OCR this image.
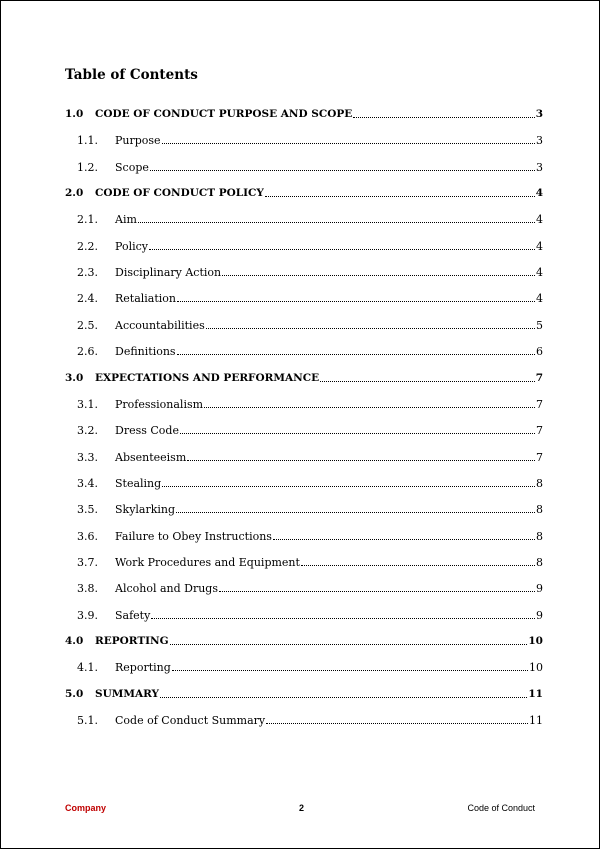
Table of Contents
1.0	CODE OF CONDUCT PURPOSE AND SCOPE	3
1.1.	Purpose	3
1.2.	Scope	3
2.0	CODE OF CONDUCT POLICY	4
2.1.	Aim	4
2.2.	Policy	4
2.3.	Disciplinary Action	4
2.4.	Retaliation	4
2.5.	Accountabilities	5
2.6.	Definitions	6
3.0	EXPECTATIONS AND PERFORMANCE	7
3.1.	Professionalism	7
3.2.	Dress Code	7
3.3.	Absenteeism	7
3.4.	Stealing	8
3.5.	Skylarking	8
3.6.	Failure to Obey Instructions	8
3.7.	Work Procedures and Equipment	8
3.8.	Alcohol and Drugs	9
3.9.	Safety	9
4.0	REPORTING	10
4.1.	Reporting	10
5.0	SUMMARY	11
5.1.	Code of Conduct Summary	11
Company	2	Code of Conduct
